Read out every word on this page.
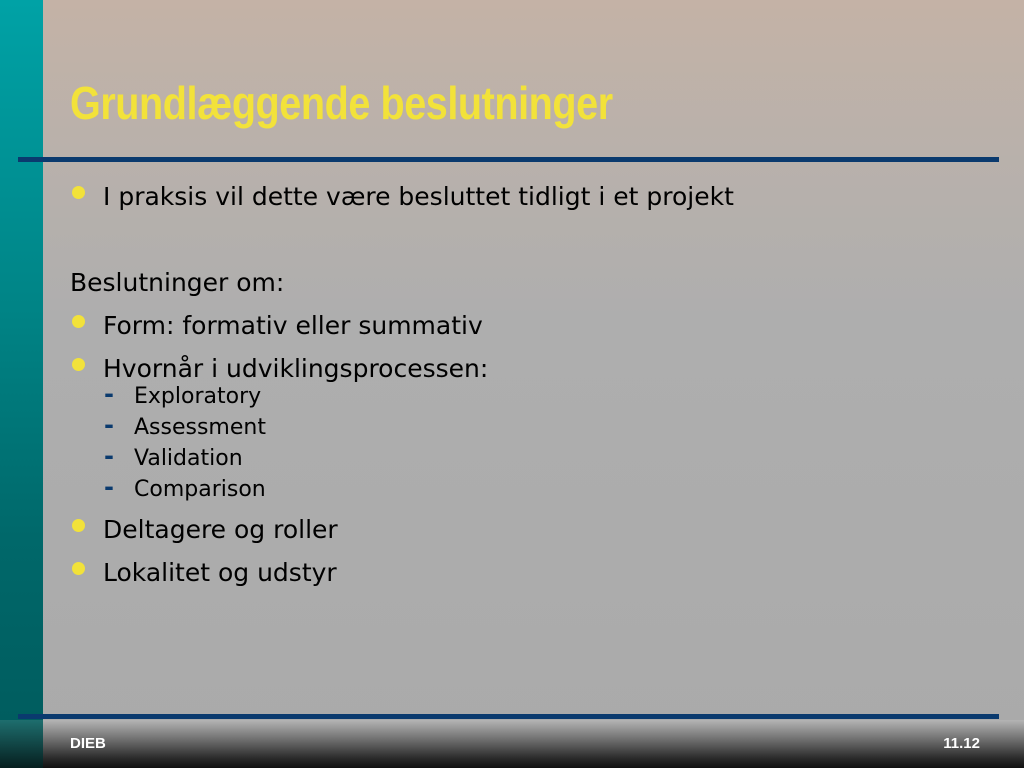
Grundlæggende beslutninger
I praksis vil dette være besluttet tidligt i et projekt
Beslutninger om:
Form: formativ eller summativ
Hvornår i udviklingsprocessen:
- Exploratory
- Assessment
- Validation
- Comparison
Deltagere og roller
Lokalitet og udstyr
DIEB	11.12
